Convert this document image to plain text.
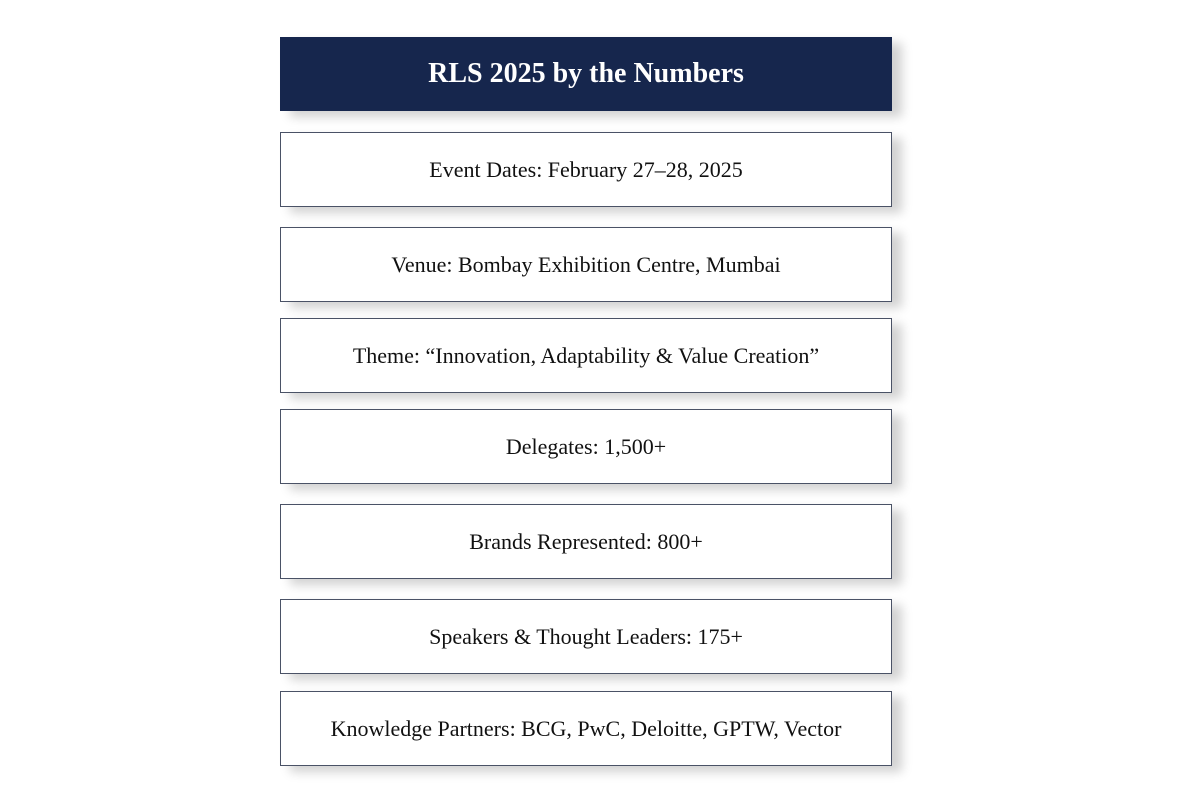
RLS 2025 by the Numbers
Event Dates: February 27–28, 2025
Venue: Bombay Exhibition Centre, Mumbai
Theme: “Innovation, Adaptability & Value Creation”
Delegates: 1,500+
Brands Represented: 800+
Speakers & Thought Leaders: 175+
Knowledge Partners: BCG, PwC, Deloitte, GPTW, Vector
